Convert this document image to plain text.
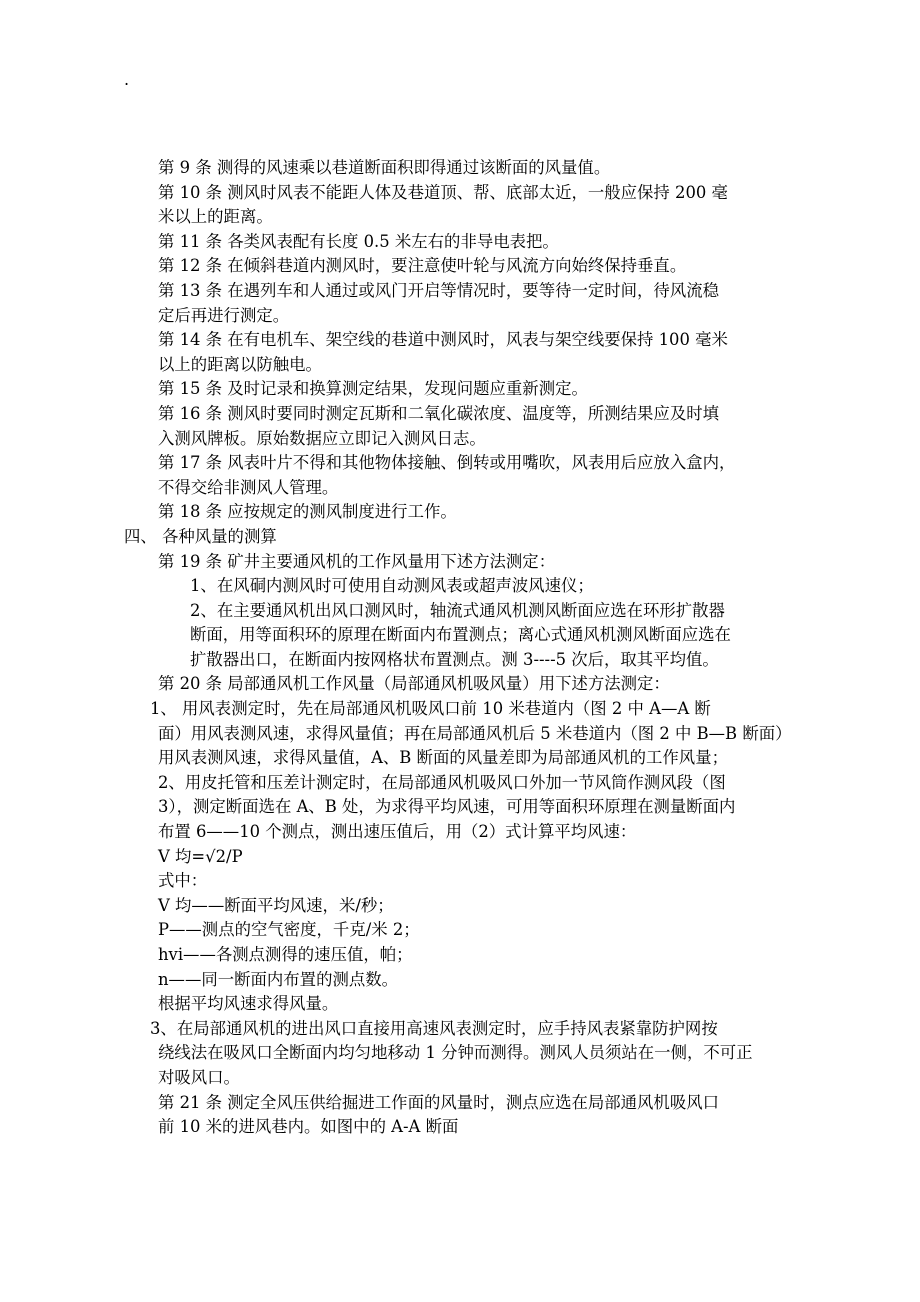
.
第 9 条 测得的风速乘以巷道断面积即得通过该断面的风量值。
第 10 条 测风时风表不能距人体及巷道顶、帮、底部太近，一般应保持 200 毫
米以上的距离。
第 11 条 各类风表配有长度 0.5 米左右的非导电表把。
第 12 条 在倾斜巷道内测风时，要注意使叶轮与风流方向始终保持垂直。
第 13 条 在遇列车和人通过或风门开启等情况时，要等待一定时间，待风流稳
定后再进行测定。
第 14 条 在有电机车、架空线的巷道中测风时，风表与架空线要保持 100 毫米
以上的距离以防触电。
第 15 条 及时记录和换算测定结果，发现问题应重新测定。
第 16 条 测风时要同时测定瓦斯和二氧化碳浓度、温度等，所测结果应及时填
入测风牌板。原始数据应立即记入测风日志。
第 17 条 风表叶片不得和其他物体接触、倒转或用嘴吹，风表用后应放入盒内，
不得交给非测风人管理。
第 18 条 应按规定的测风制度进行工作。
四、 各种风量的测算
第 19 条 矿井主要通风机的工作风量用下述方法测定：
1、在风硐内测风时可使用自动测风表或超声波风速仪；
2、在主要通风机出风口测风时，轴流式通风机测风断面应选在环形扩散器
断面，用等面积环的原理在断面内布置测点；离心式通风机测风断面应选在
扩散器出口，在断面内按网格状布置测点。测 3----5 次后，取其平均值。
第 20 条 局部通风机工作风量（局部通风机吸风量）用下述方法测定：
1、 用风表测定时，先在局部通风机吸风口前 10 米巷道内（图 2 中 A—A 断
面）用风表测风速，求得风量值；再在局部通风机后 5 米巷道内（图 2 中 B—B 断面）
用风表测风速，求得风量值，A、B 断面的风量差即为局部通风机的工作风量；
2、用皮托管和压差计测定时，在局部通风机吸风口外加一节风筒作测风段（图
3），测定断面选在 A、B 处，为求得平均风速，可用等面积环原理在测量断面内
布置 6——10 个测点，测出速压值后，用（2）式计算平均风速：
V 均=√2/P
式中：
V 均——断面平均风速，米/秒；
P——测点的空气密度，千克/米 2；
hvi——各测点测得的速压值，帕；
n——同一断面内布置的测点数。
根据平均风速求得风量。
3、在局部通风机的进出风口直接用高速风表测定时，应手持风表紧靠防护网按
绕线法在吸风口全断面内均匀地移动 1 分钟而测得。测风人员须站在一侧，不可正
对吸风口。
第 21 条 测定全风压供给掘进工作面的风量时，测点应选在局部通风机吸风口
前 10 米的进风巷内。如图中的 A-A 断面
